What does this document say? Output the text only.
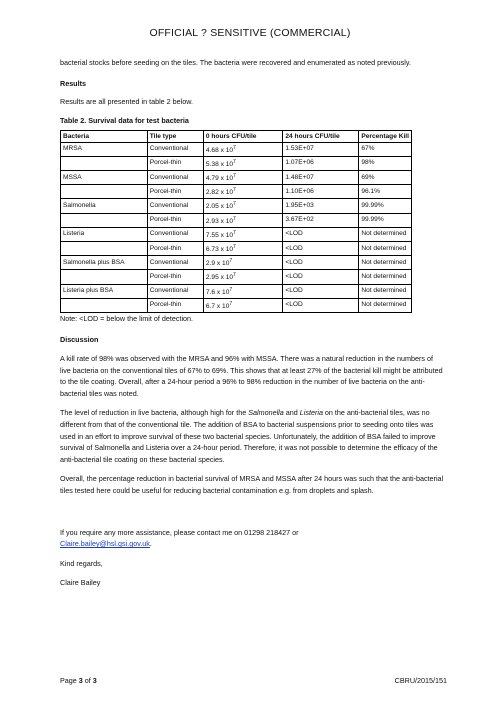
OFFICIAL ? SENSITIVE (COMMERCIAL)

bacterial stocks before seeding on the tiles. The bacteria were recovered and enumerated as noted previously.

Results

Results are all presented in table 2 below.

Table 2. Survival data for test bacteria

Bacteria	Tile type	0 hours CFU/tile	24 hours CFU/tile	Percentage Kill
MRSA	Conventional	4.68 x $10^7$	1.53E+07	67%
	Porcel-thin	5.38 x $10^7$	1.07E+06	98%
MSSA	Conventional	4.79 x $10^7$	1.48E+07	69%
	Porcel-thin	2.82 x $10^7$	1.10E+06	96.1%
Salmonella	Conventional	2.05 x $10^7$	1.95E+03	99.99%
	Porcel-thin	2.93 x $10^7$	3.67E+02	99.99%
Listeria	Conventional	7.55 x $10^7$	<LOD	Not determined
	Porcel-thin	6.73 x $10^7$	<LOD	Not determined
Salmonella plus BSA	Conventional	2.9 x $10^7$	<LOD	Not determined
	Porcel-thin	2.95 x $10^7$	<LOD	Not determined
Listeria plus BSA	Conventional	7.6 x $10^7$	<LOD	Not determined
	Porcel-thin	6.7 x $10^7$	<LOD	Not determined

Note: <LOD = below the limit of detection.

Discussion

A kill rate of 98% was observed with the MRSA and 96% with MSSA. There was a natural reduction in the numbers of live bacteria on the conventional tiles of 67% to 69%. This shows that at least 27% of the bacterial kill might be attributed to the tile coating. Overall, after a 24-hour period a 96% to 98% reduction in the number of live bacteria on the anti-bacterial tiles was noted.

The level of reduction in live bacteria, although high for the Salmonella and Listeria on the anti-bacterial tiles, was no different from that of the conventional tile. The addition of BSA to bacterial suspensions prior to seeding onto tiles was used in an effort to improve survival of these two bacterial species. Unfortunately, the addition of BSA failed to improve survival of Salmonella and Listeria over a 24-hour period. Therefore, it was not possible to determine the efficacy of the anti-bacterial tile coating on these bacterial species.

Overall, the percentage reduction in bacterial survival of MRSA and MSSA after 24 hours was such that the anti-bacterial tiles tested here could be useful for reducing bacterial contamination e.g. from droplets and splash.

If you require any more assistance, please contact me on 01298 218427 or
Claire.bailey@hsl.gsi.gov.uk.

Kind regards,

Claire Bailey

Page 3 of 3	CBRU/2015/151
